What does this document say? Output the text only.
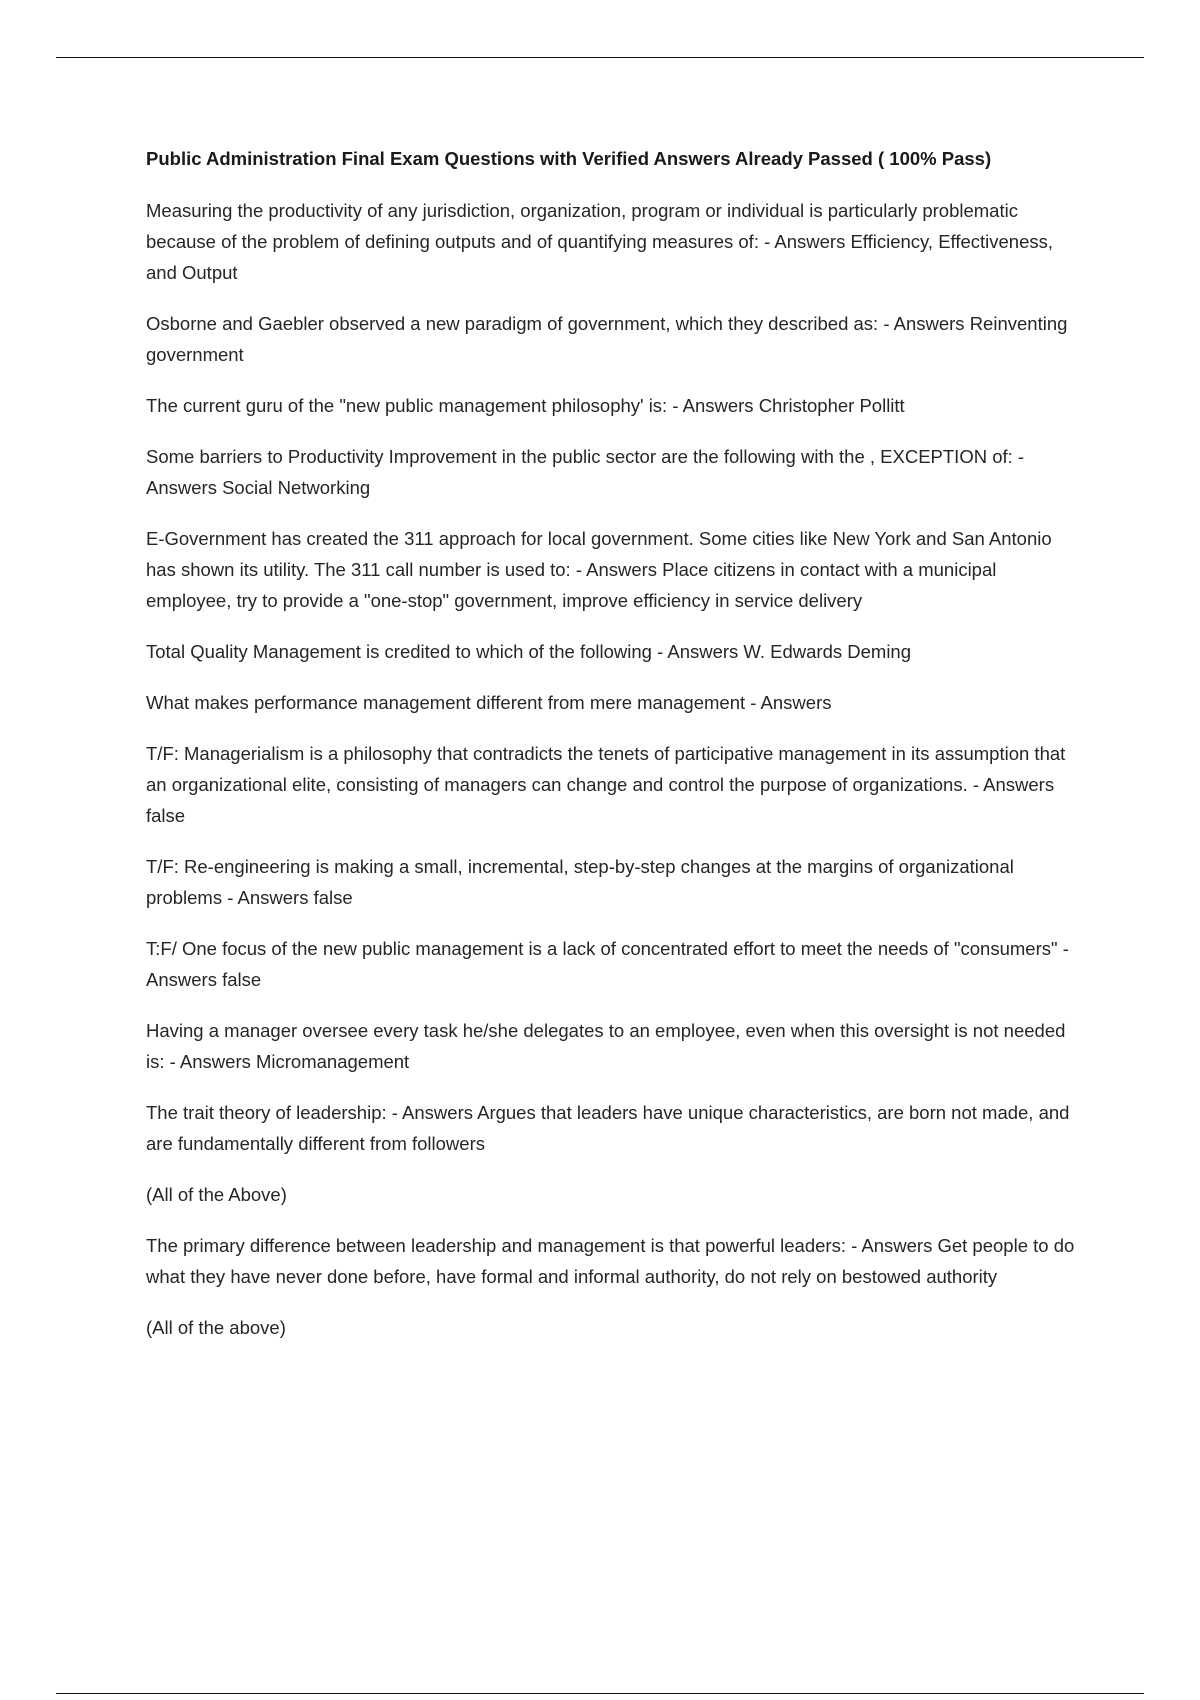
Public Administration Final Exam Questions with Verified Answers Already Passed ( 100% Pass)

Measuring the productivity of any jurisdiction, organization, program or individual is particularly problematic because of the problem of defining outputs and of quantifying measures of: - Answers Efficiency, Effectiveness, and Output

Osborne and Gaebler observed a new paradigm of government, which they described as: - Answers Reinventing government

The current guru of the "new public management philosophy' is: - Answers Christopher Pollitt

Some barriers to Productivity Improvement in the public sector are the following with the , EXCEPTION of: - Answers Social Networking

E-Government has created the 311 approach for local government. Some cities like New York and San Antonio has shown its utility. The 311 call number is used to: - Answers Place citizens in contact with a municipal employee, try to provide a "one-stop" government, improve efficiency in service delivery

Total Quality Management is credited to which of the following - Answers W. Edwards Deming

What makes performance management different from mere management - Answers

T/F: Managerialism is a philosophy that contradicts the tenets of participative management in its assumption that an organizational elite, consisting of managers can change and control the purpose of organizations. - Answers false

T/F: Re-engineering is making a small, incremental, step-by-step changes at the margins of organizational problems - Answers false

T:F/ One focus of the new public management is a lack of concentrated effort to meet the needs of "consumers" - Answers false

Having a manager oversee every task he/she delegates to an employee, even when this oversight is not needed is: - Answers Micromanagement

The trait theory of leadership: - Answers Argues that leaders have unique characteristics, are born not made, and are fundamentally different from followers

(All of the Above)

The primary difference between leadership and management is that powerful leaders: - Answers Get people to do what they have never done before, have formal and informal authority, do not rely on bestowed authority

(All of the above)
